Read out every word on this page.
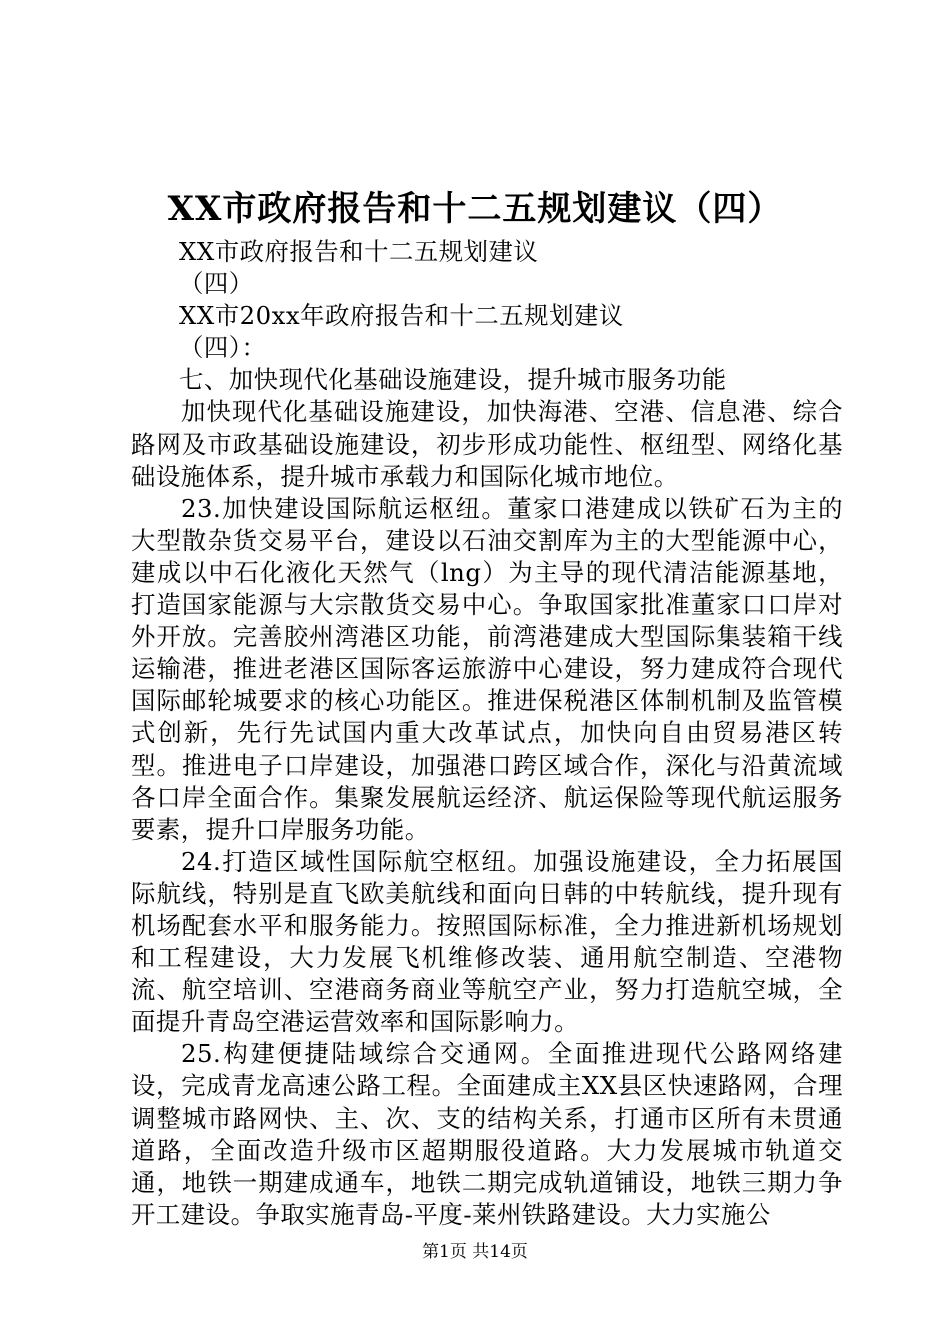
XX市政府报告和十二五规划建议（四）

XX市政府报告和十二五规划建议

（四）

XX市20xx年政府报告和十二五规划建议

（四）：

七、加快现代化基础设施建设，提升城市服务功能

加快现代化基础设施建设，加快海港、空港、信息港、综合路网及市政基础设施建设，初步形成功能性、枢纽型、网络化基础设施体系，提升城市承载力和国际化城市地位。

23.加快建设国际航运枢纽。董家口港建成以铁矿石为主的大型散杂货交易平台，建设以石油交割库为主的大型能源中心，建成以中石化液化天然气（lng）为主导的现代清洁能源基地，打造国家能源与大宗散货交易中心。争取国家批准董家口口岸对外开放。完善胶州湾港区功能，前湾港建成大型国际集装箱干线运输港，推进老港区国际客运旅游中心建设，努力建成符合现代国际邮轮城要求的核心功能区。推进保税港区体制机制及监管模式创新，先行先试国内重大改革试点，加快向自由贸易港区转型。推进电子口岸建设，加强港口跨区域合作，深化与沿黄流域各口岸全面合作。集聚发展航运经济、航运保险等现代航运服务要素，提升口岸服务功能。

24.打造区域性国际航空枢纽。加强设施建设，全力拓展国际航线，特别是直飞欧美航线和面向日韩的中转航线，提升现有机场配套水平和服务能力。按照国际标准，全力推进新机场规划和工程建设，大力发展飞机维修改装、通用航空制造、空港物流、航空培训、空港商务商业等航空产业，努力打造航空城，全面提升青岛空港运营效率和国际影响力。

25.构建便捷陆域综合交通网。全面推进现代公路网络建设，完成青龙高速公路工程。全面建成主XX县区快速路网，合理调整城市路网快、主、次、支的结构关系，打通市区所有未贯通道路，全面改造升级市区超期服役道路。大力发展城市轨道交通，地铁一期建成通车，地铁二期完成轨道铺设，地铁三期力争开工建设。争取实施青岛-平度-莱州铁路建设。大力实施公

第1页 共14页
